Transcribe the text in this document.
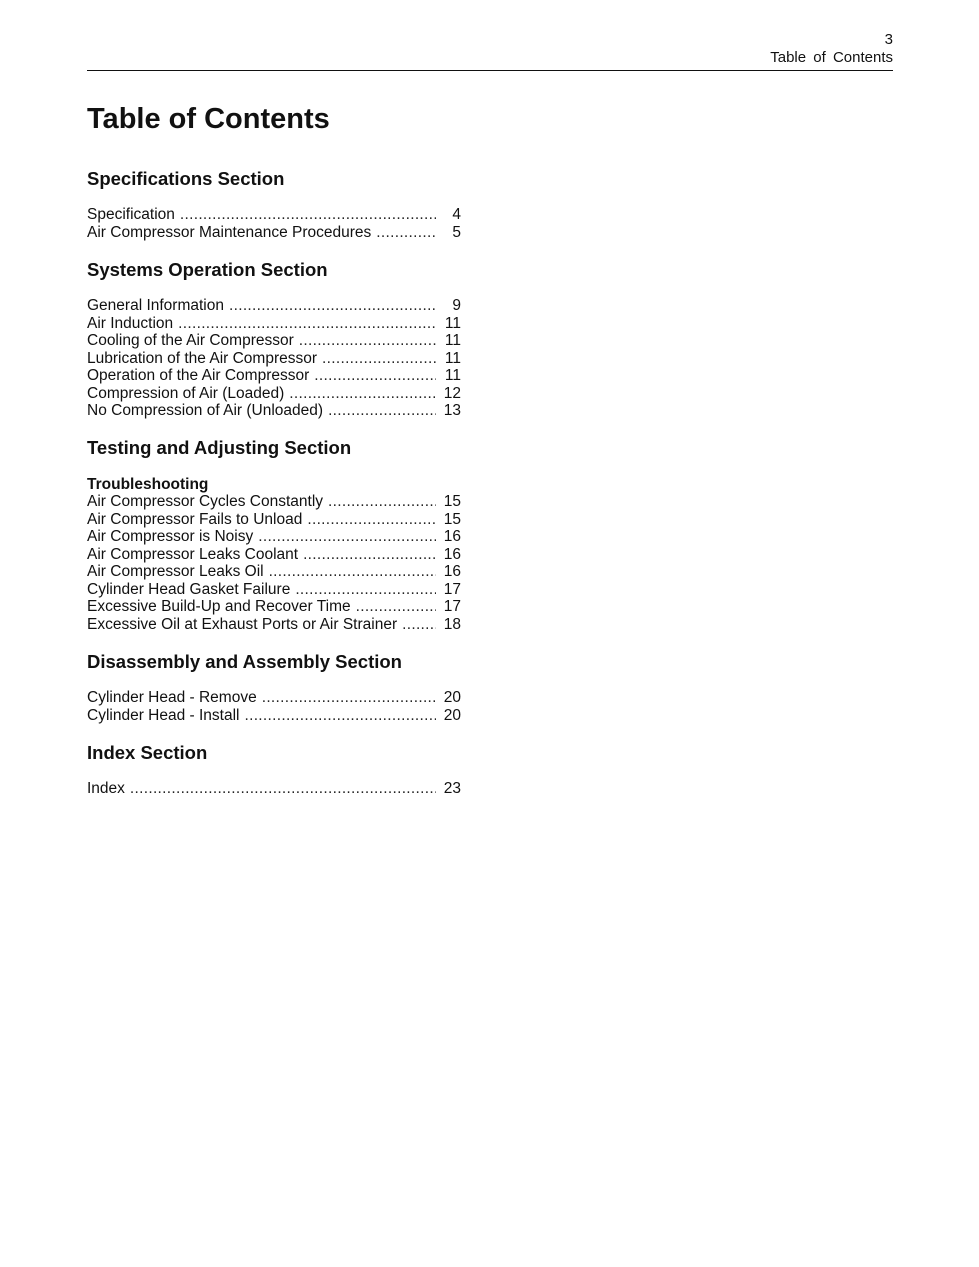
3
Table of Contents
Table of Contents
Specifications Section
Specification .....	4
Air Compressor Maintenance Procedures .....	5
Systems Operation Section
General Information .....	9
Air Induction .....	11
Cooling of the Air Compressor .....	11
Lubrication of the Air Compressor .....	11
Operation of the Air Compressor .....	11
Compression of Air (Loaded) .....	12
No Compression of Air (Unloaded) .....	13
Testing and Adjusting Section
Troubleshooting
Air Compressor Cycles Constantly .....	15
Air Compressor Fails to Unload .....	15
Air Compressor is Noisy .....	16
Air Compressor Leaks Coolant .....	16
Air Compressor Leaks Oil .....	16
Cylinder Head Gasket Failure .....	17
Excessive Build-Up and Recover Time .....	17
Excessive Oil at Exhaust Ports or Air Strainer .....	18
Disassembly and Assembly Section
Cylinder Head - Remove .....	20
Cylinder Head - Install .....	20
Index Section
Index .....	23
